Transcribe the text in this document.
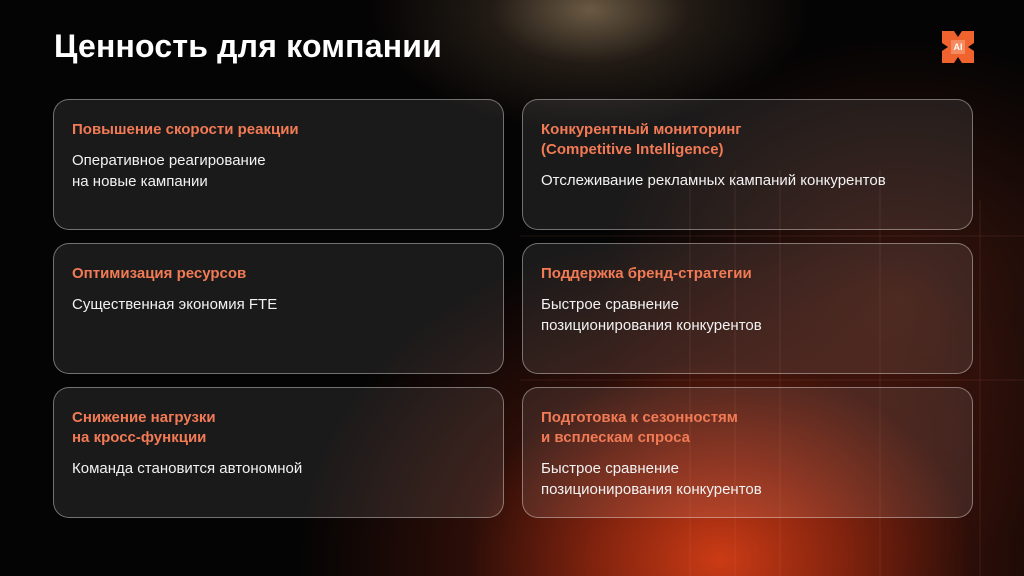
Ценность для компании	AI

Повышение скорости реакции

Оперативное реагирование
на новые кампании

Конкурентный мониторинг
(Competitive Intelligence)

Отслеживание рекламных кампаний конкурентов

Оптимизация ресурсов

Существенная экономия FTE

Поддержка бренд-стратегии

Быстрое сравнение
позиционирования конкурентов

Снижение нагрузки
на кросс-функции

Команда становится автономной

Подготовка к сезонностям
и всплескам спроса

Быстрое сравнение
позиционирования конкурентов
